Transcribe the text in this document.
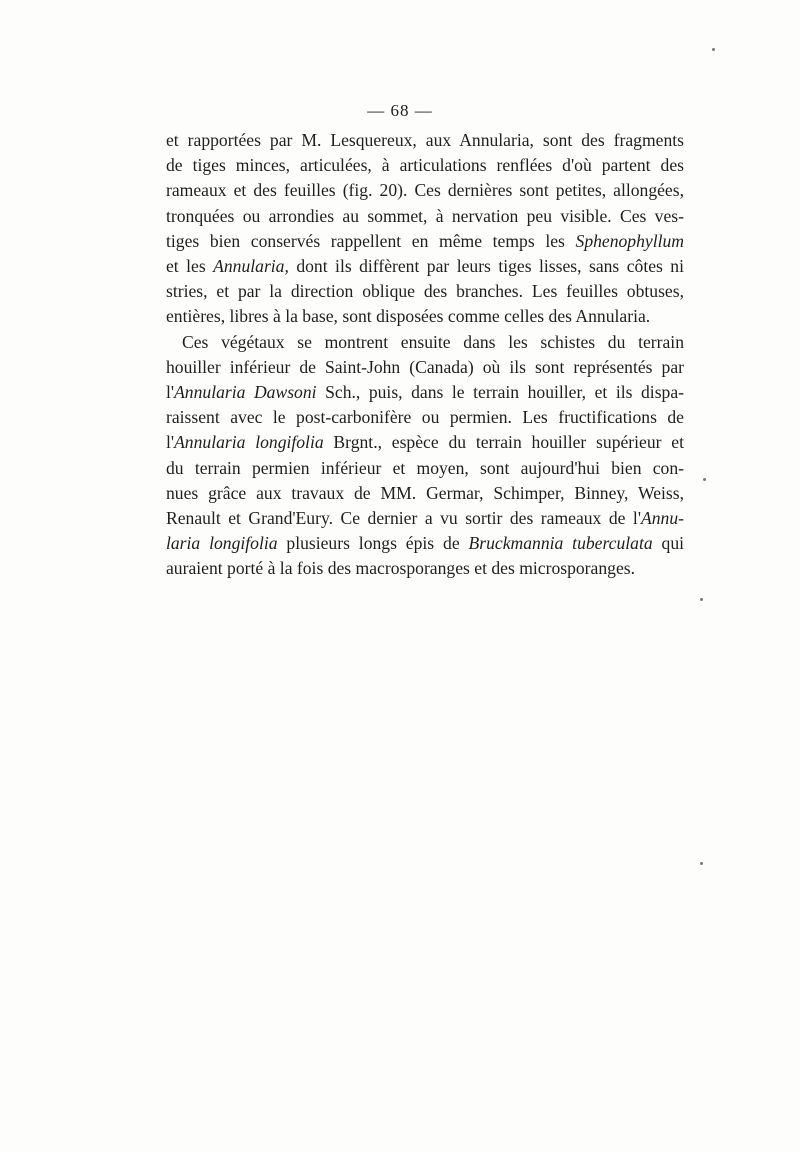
— 68 —
et rapportées par M. Lesquereux, aux Annularia, sont des fragments
de tiges minces, articulées, à articulations renflées d'où partent des
rameaux et des feuilles (fig. 20). Ces dernières sont petites, allongées,
tronquées ou arrondies au sommet, à nervation peu visible. Ces ves-
tiges bien conservés rappellent en même temps les Sphenophyllum
et les Annularia, dont ils diffèrent par leurs tiges lisses, sans côtes ni
stries, et par la direction oblique des branches. Les feuilles obtuses,
entières, libres à la base, sont disposées comme celles des Annularia.
Ces végétaux se montrent ensuite dans les schistes du terrain
houiller inférieur de Saint-John (Canada) où ils sont représentés par
l'Annularia Dawsoni Sch., puis, dans le terrain houiller, et ils dispa-
raissent avec le post-carbonifère ou permien. Les fructifications de
l'Annularia longifolia Brgnt., espèce du terrain houiller supérieur et
du terrain permien inférieur et moyen, sont aujourd'hui bien con-
nues grâce aux travaux de MM. Germar, Schimper, Binney, Weiss,
Renault et Grand'Eury. Ce dernier a vu sortir des rameaux de l'Annu-
laria longifolia plusieurs longs épis de Bruckmannia tuberculata qui
auraient porté à la fois des macrosporanges et des microsporanges.
